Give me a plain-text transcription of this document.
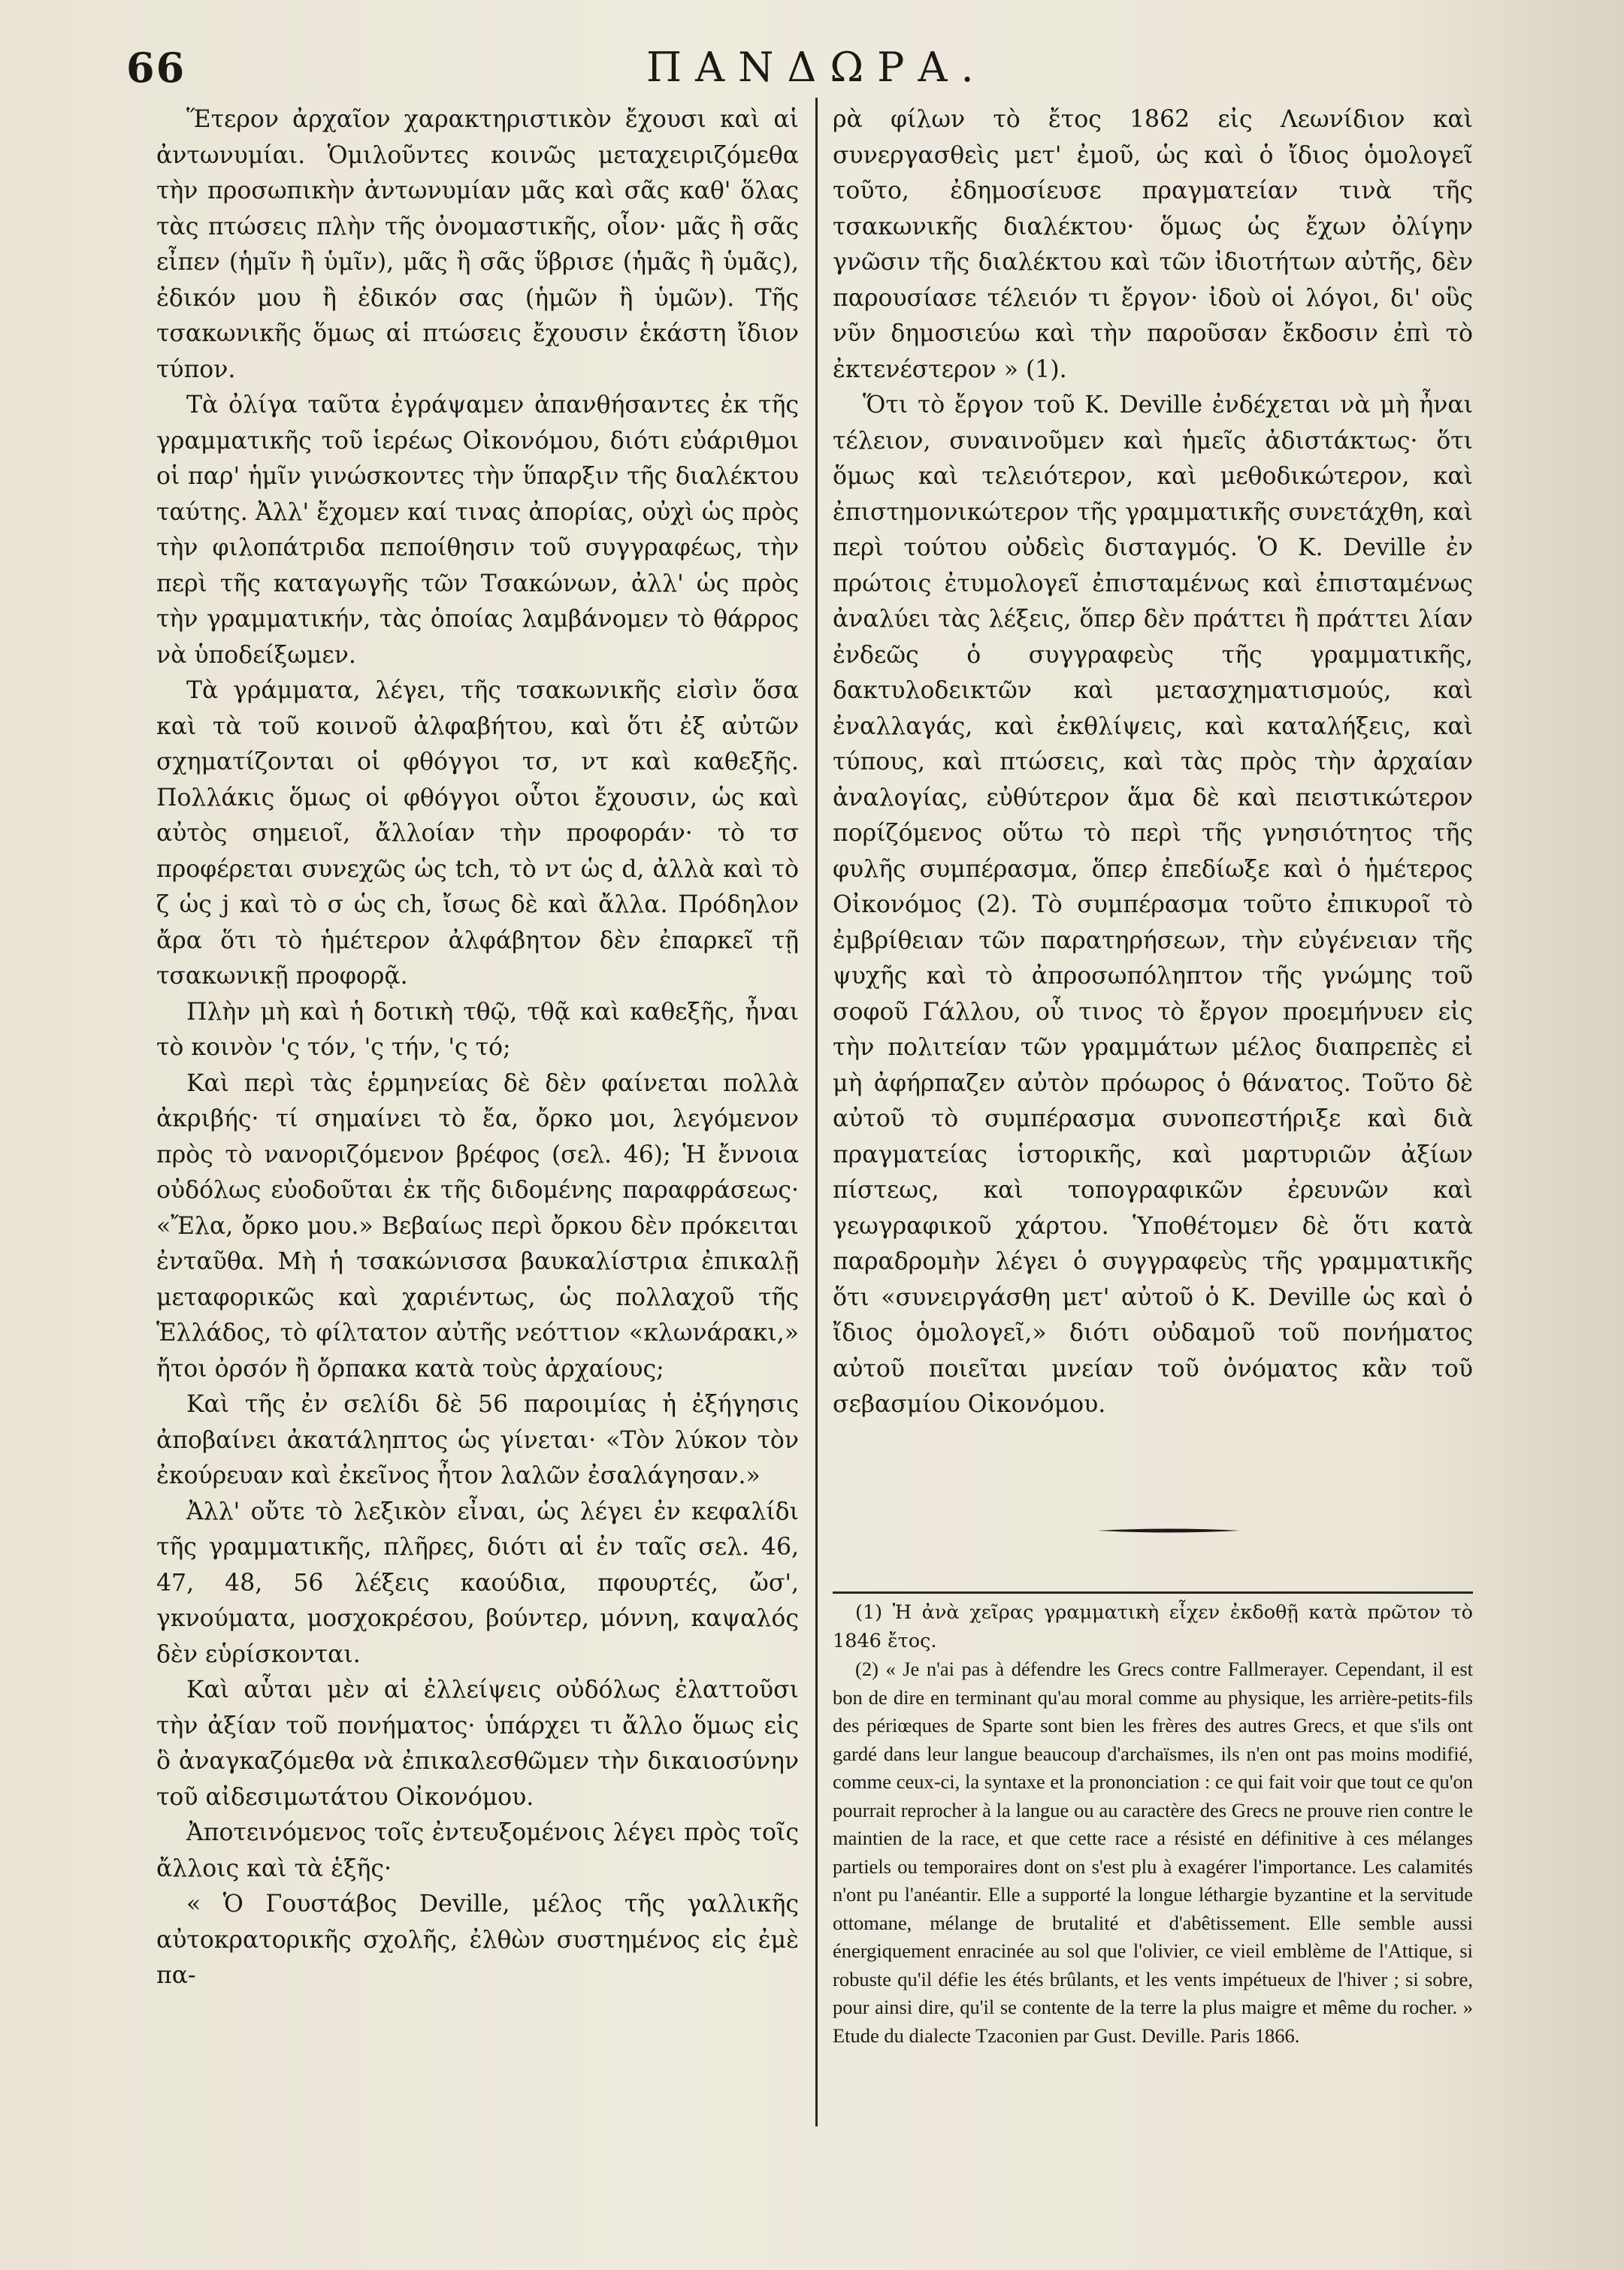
66	ΠΑΝΔΩΡΑ.

Ἕτερον ἀρχαῖον χαρακτηριστικὸν ἔχουσι καὶ αἱ ἀντωνυμίαι. Ὁμιλοῦντες κοινῶς μεταχειριζόμεθα τὴν προσωπικὴν ἀντωνυμίαν μᾶς καὶ σᾶς καθ' ὅλας τὰς πτώσεις πλὴν τῆς ὀνομαστικῆς, οἷον· μᾶς ἢ σᾶς εἶπεν (ἡμῖν ἢ ὑμῖν), μᾶς ἢ σᾶς ὕβρισε (ἡμᾶς ἢ ὑμᾶς), ἐδικόν μου ἢ ἐδικόν σας (ἡμῶν ἢ ὑμῶν). Τῆς τσακωνικῆς ὅμως αἱ πτώσεις ἔχουσιν ἑκάστη ἴδιον τύπον.

Τὰ ὀλίγα ταῦτα ἐγράψαμεν ἀπανθήσαντες ἐκ τῆς γραμματικῆς τοῦ ἱερέως Οἰκονόμου, διότι εὐάριθμοι οἱ παρ' ἡμῖν γινώσκοντες τὴν ὕπαρξιν τῆς διαλέκτου ταύτης. Ἀλλ' ἔχομεν καί τινας ἀπορίας, οὐχὶ ὡς πρὸς τὴν φιλοπάτριδα πεποίθησιν τοῦ συγγραφέως, τὴν περὶ τῆς καταγωγῆς τῶν Τσακώνων, ἀλλ' ὡς πρὸς τὴν γραμματικήν, τὰς ὁποίας λαμβάνομεν τὸ θάρρος νὰ ὑποδείξωμεν.

Τὰ γράμματα, λέγει, τῆς τσακωνικῆς εἰσὶν ὅσα καὶ τὰ τοῦ κοινοῦ ἀλφαβήτου, καὶ ὅτι ἐξ αὐτῶν σχηματίζονται οἱ φθόγγοι τσ, ντ καὶ καθεξῆς. Πολλάκις ὅμως οἱ φθόγγοι οὗτοι ἔχουσιν, ὡς καὶ αὐτὸς σημειοῖ, ἄλλοίαν τὴν προφοράν· τὸ τσ προφέρεται συνεχῶς ὡς tch, τὸ ντ ὡς d, ἀλλὰ καὶ τὸ ζ ὡς j καὶ τὸ σ ὡς ch, ἴσως δὲ καὶ ἄλλα. Πρόδηλον ἄρα ὅτι τὸ ἡμέτερον ἀλφάβητον δὲν ἐπαρκεῖ τῇ τσακωνικῇ προφορᾷ.

Πλὴν μὴ καὶ ἡ δοτικὴ τθῷ, τθᾷ καὶ καθεξῆς, ἦναι τὸ κοινὸν 'ς τόν, 'ς τήν, 'ς τό;

Καὶ περὶ τὰς ἑρμηνείας δὲ δὲν φαίνεται πολλὰ ἀκριβής· τί σημαίνει τὸ ἔα, ὄρκο μοι, λεγόμενον πρὸς τὸ νανοριζόμενον βρέφος (σελ. 46); Ἡ ἔννοια οὐδόλως εὐοδοῦται ἐκ τῆς διδομένης παραφράσεως· «Ἔλα, ὄρκο μου.» Βεβαίως περὶ ὄρκου δὲν πρόκειται ἐνταῦθα. Μὴ ἡ τσακώνισσα βαυκαλίστρια ἐπικαλῇ μεταφορικῶς καὶ χαριέντως, ὡς πολλαχοῦ τῆς Ἑλλάδος, τὸ φίλτατον αὐτῆς νεόττιον «κλωνάρακι,» ἤτοι ὀρσόν ἢ ὄρπακα κατὰ τοὺς ἀρχαίους;

Καὶ τῆς ἐν σελίδι δὲ 56 παροιμίας ἡ ἐξήγησις ἀποβαίνει ἀκατάληπτος ὡς γίνεται· «Τὸν λύκον τὸν ἐκούρευαν καὶ ἐκεῖνος ἦτον λαλῶν ἐσαλάγησαν.»

Ἀλλ' οὔτε τὸ λεξικὸν εἶναι, ὡς λέγει ἐν κεφαλίδι τῆς γραμματικῆς, πλῆρες, διότι αἱ ἐν ταῖς σελ. 46, 47, 48, 56 λέξεις καούδια, πφουρτές, ὤσ', γκνούματα, μοσχοκρέσου, βούντερ, μόννη, καψαλός δὲν εὑρίσκονται.

Καὶ αὗται μὲν αἱ ἐλλείψεις οὐδόλως ἐλαττοῦσι τὴν ἀξίαν τοῦ πονήματος· ὑπάρχει τι ἄλλο ὅμως εἰς ὃ ἀναγκαζόμεθα νὰ ἐπικαλεσθῶμεν τὴν δικαιοσύνην τοῦ αἰδεσιμωτάτου Οἰκονόμου.

Ἀποτεινόμενος τοῖς ἐντευξομένοις λέγει πρὸς τοῖς ἄλλοις καὶ τὰ ἑξῆς·

« Ὁ Γουστάβος Deville, μέλος τῆς γαλλικῆς αὐτοκρατορικῆς σχολῆς, ἐλθὼν συστημένος εἰς ἐμὲ πα-

ρὰ φίλων τὸ ἔτος 1862 εἰς Λεωνίδιον καὶ συνεργασθεὶς μετ' ἐμοῦ, ὡς καὶ ὁ ἴδιος ὁμολογεῖ τοῦτο, ἐδημοσίευσε πραγματείαν τινὰ τῆς τσακωνικῆς διαλέκτου· ὅμως ὡς ἔχων ὀλίγην γνῶσιν τῆς διαλέκτου καὶ τῶν ἰδιοτήτων αὐτῆς, δὲν παρουσίασε τέλειόν τι ἔργον· ἰδοὺ οἱ λόγοι, δι' οὓς νῦν δημοσιεύω καὶ τὴν παροῦσαν ἔκδοσιν ἐπὶ τὸ ἐκτενέστερον » (1).

Ὅτι τὸ ἔργον τοῦ Κ. Deville ἐνδέχεται νὰ μὴ ἦναι τέλειον, συναινοῦμεν καὶ ἡμεῖς ἀδιστάκτως· ὅτι ὅμως καὶ τελειότερον, καὶ μεθοδικώτερον, καὶ ἐπιστημονικώτερον τῆς γραμματικῆς συνετάχθη, καὶ περὶ τούτου οὐδεὶς δισταγμός. Ὁ Κ. Deville ἐν πρώτοις ἐτυμολογεῖ ἐπισταμένως καὶ ἐπισταμένως ἀναλύει τὰς λέξεις, ὅπερ δὲν πράττει ἢ πράττει λίαν ἐνδεῶς ὁ συγγραφεὺς τῆς γραμματικῆς, δακτυλοδεικτῶν καὶ μετασχηματισμούς, καὶ ἐναλλαγάς, καὶ ἐκθλίψεις, καὶ καταλήξεις, καὶ τύπους, καὶ πτώσεις, καὶ τὰς πρὸς τὴν ἀρχαίαν ἀναλογίας, εὐθύτερον ἅμα δὲ καὶ πειστικώτερον πορίζόμενος οὕτω τὸ περὶ τῆς γνησιότητος τῆς φυλῆς συμπέρασμα, ὅπερ ἐπεδίωξε καὶ ὁ ἡμέτερος Οἰκονόμος (2). Τὸ συμπέρασμα τοῦτο ἐπικυροῖ τὸ ἐμβρίθειαν τῶν παρατηρήσεων, τὴν εὐγένειαν τῆς ψυχῆς καὶ τὸ ἀπροσωπόληπτον τῆς γνώμης τοῦ σοφοῦ Γάλλου, οὗ τινος τὸ ἔργον προεμήνυεν εἰς τὴν πολιτείαν τῶν γραμμάτων μέλος διαπρεπὲς εἰ μὴ ἀφήρπαζεν αὐτὸν πρόωρος ὁ θάνατος. Τοῦτο δὲ αὐτοῦ τὸ συμπέρασμα συνοπεστήριξε καὶ διὰ πραγματείας ἱστορικῆς, καὶ μαρτυριῶν ἀξίων πίστεως, καὶ τοπογραφικῶν ἐρευνῶν καὶ γεωγραφικοῦ χάρτου. Ὑποθέτομεν δὲ ὅτι κατὰ παραδρομὴν λέγει ὁ συγγραφεὺς τῆς γραμματικῆς ὅτι «συνειργάσθη μετ' αὐτοῦ ὁ Κ. Deville ὡς καὶ ὁ ἴδιος ὁμολογεῖ,» διότι οὐδαμοῦ τοῦ πονήματος αὐτοῦ ποιεῖται μνείαν τοῦ ὀνόματος κἂν τοῦ σεβασμίου Οἰκονόμου.

(1) Ἡ ἀνὰ χεῖρας γραμματικὴ εἶχεν ἐκδοθῇ κατὰ πρῶτον τὸ 1846 ἔτος.

(2) « Je n'ai pas à défendre les Grecs contre Fallmerayer. Cependant, il est bon de dire en terminant qu'au moral comme au physique, les arrière-petits-fils des périœques de Sparte sont bien les frères des autres Grecs, et que s'ils ont gardé dans leur langue beaucoup d'archaïsmes, ils n'en ont pas moins modifié, comme ceux-ci, la syntaxe et la prononciation : ce qui fait voir que tout ce qu'on pourrait reprocher à la langue ou au caractère des Grecs ne prouve rien contre le maintien de la race, et que cette race a résisté en définitive à ces mélanges partiels ou temporaires dont on s'est plu à exagérer l'importance. Les calamités n'ont pu l'anéantir. Elle a supporté la longue léthargie byzantine et la servitude ottomane, mélange de brutalité et d'abêtissement. Elle semble aussi énergiquement enracinée au sol que l'olivier, ce vieil emblème de l'Attique, si robuste qu'il défie les étés brûlants, et les vents impétueux de l'hiver ; si sobre, pour ainsi dire, qu'il se contente de la terre la plus maigre et même du rocher. » Etude du dialecte Tzaconien par Gust. Deville. Paris 1866.
